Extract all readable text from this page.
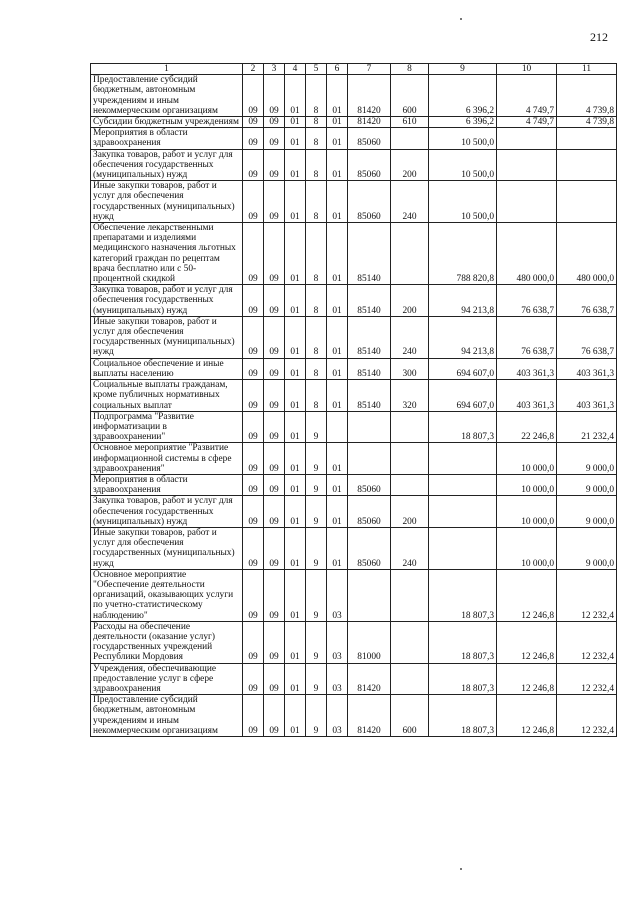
212
1	2	3	4	5	6	7	8	9	10	11
Предоставление субсидий бюджетным, автономным учреждениям и иным некоммерческим организациям	09	09	01	8	01	81420	600	6 396,2	4 749,7	4 739,8
Субсидии бюджетным учреждениям	09	09	01	8	01	81420	610	6 396,2	4 749,7	4 739,8
Мероприятия в области здравоохранения	09	09	01	8	01	85060		10 500,0		
Закупка товаров, работ и услуг для обеспечения государственных (муниципальных) нужд	09	09	01	8	01	85060	200	10 500,0		
Иные закупки товаров, работ и услуг для обеспечения государственных (муниципальных) нужд	09	09	01	8	01	85060	240	10 500,0		
Обеспечение лекарственными препаратами и изделиями медицинского назначения льготных категорий граждан по рецептам врача бесплатно или с 50-процентной скидкой	09	09	01	8	01	85140		788 820,8	480 000,0	480 000,0
Закупка товаров, работ и услуг для обеспечения государственных (муниципальных) нужд	09	09	01	8	01	85140	200	94 213,8	76 638,7	76 638,7
Иные закупки товаров, работ и услуг для обеспечения государственных (муниципальных) нужд	09	09	01	8	01	85140	240	94 213,8	76 638,7	76 638,7
Социальное обеспечение и иные выплаты населению	09	09	01	8	01	85140	300	694 607,0	403 361,3	403 361,3
Социальные выплаты гражданам, кроме публичных нормативных социальных выплат	09	09	01	8	01	85140	320	694 607,0	403 361,3	403 361,3
Подпрограмма "Развитие информатизации в здравоохранении"	09	09	01	9				18 807,3	22 246,8	21 232,4
Основное мероприятие "Развитие информационной системы в сфере здравоохранения"	09	09	01	9	01				10 000,0	9 000,0
Мероприятия в области здравоохранения	09	09	01	9	01	85060			10 000,0	9 000,0
Закупка товаров, работ и услуг для обеспечения государственных (муниципальных) нужд	09	09	01	9	01	85060	200		10 000,0	9 000,0
Иные закупки товаров, работ и услуг для обеспечения государственных (муниципальных) нужд	09	09	01	9	01	85060	240		10 000,0	9 000,0
Основное мероприятие "Обеспечение деятельности организаций, оказывающих услуги по учетно-статистическому наблюдению"	09	09	01	9	03			18 807,3	12 246,8	12 232,4
Расходы на обеспечение деятельности (оказание услуг) государственных учреждений Республики Мордовия	09	09	01	9	03	81000		18 807,3	12 246,8	12 232,4
Учреждения, обеспечивающие предоставление услуг в сфере здравоохранения	09	09	01	9	03	81420		18 807,3	12 246,8	12 232,4
Предоставление субсидий бюджетным, автономным учреждениям и иным некоммерческим организациям	09	09	01	9	03	81420	600	18 807,3	12 246,8	12 232,4
